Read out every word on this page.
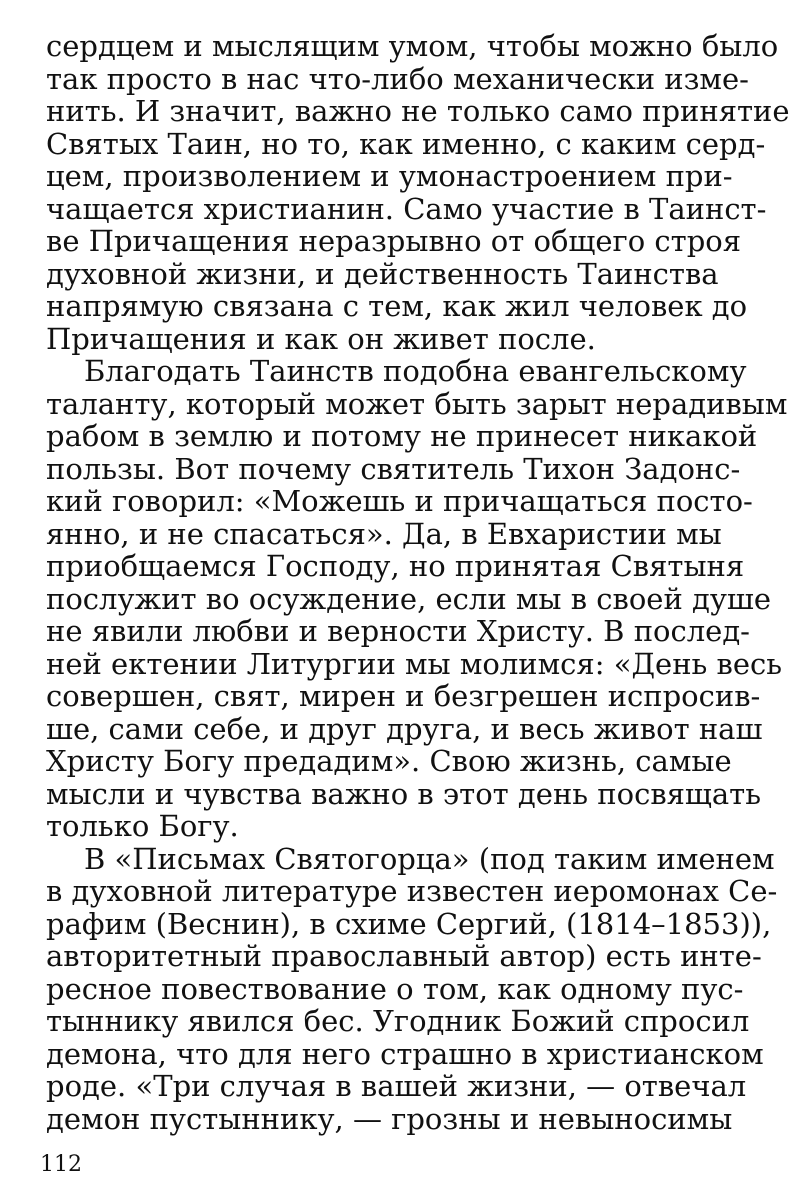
сердцем и мыслящим умом, чтобы можно было
так просто в нас что-либо механически изме-
нить. И значит, важно не только само принятие
Святых Таин, но то, как именно, с каким серд-
цем, произволением и умонастроением при-
чащается христианин. Само участие в Таинст-
ве Причащения неразрывно от общего строя
духовной жизни, и действенность Таинства
напрямую связана с тем, как жил человек до
Причащения и как он живет после.
Благодать Таинств подобна евангельскому
таланту, который может быть зарыт нерадивым
рабом в землю и потому не принесет никакой
пользы. Вот почему святитель Тихон Задонс-
кий говорил: «Можешь и причащаться посто-
янно, и не спасаться». Да, в Евхаристии мы
приобщаемся Господу, но принятая Святыня
послужит во осуждение, если мы в своей душе
не явили любви и верности Христу. В послед-
ней ектении Литургии мы молимся: «День весь
совершен, свят, мирен и безгрешен испросив-
ше, сами себе, и друг друга, и весь живот наш
Христу Богу предадим». Свою жизнь, самые
мысли и чувства важно в этот день посвящать
только Богу.
В «Письмах Святогорца» (под таким именем
в духовной литературе известен иеромонах Се-
рафим (Веснин), в схиме Сергий, (1814–1853)),
авторитетный православный автор) есть инте-
ресное повествование о том, как одному пус-
тыннику явился бес. Угодник Божий спросил
демона, что для него страшно в христианском
роде. «Три случая в вашей жизни, — отвечал
демон пустыннику, — грозны и невыносимы
112
